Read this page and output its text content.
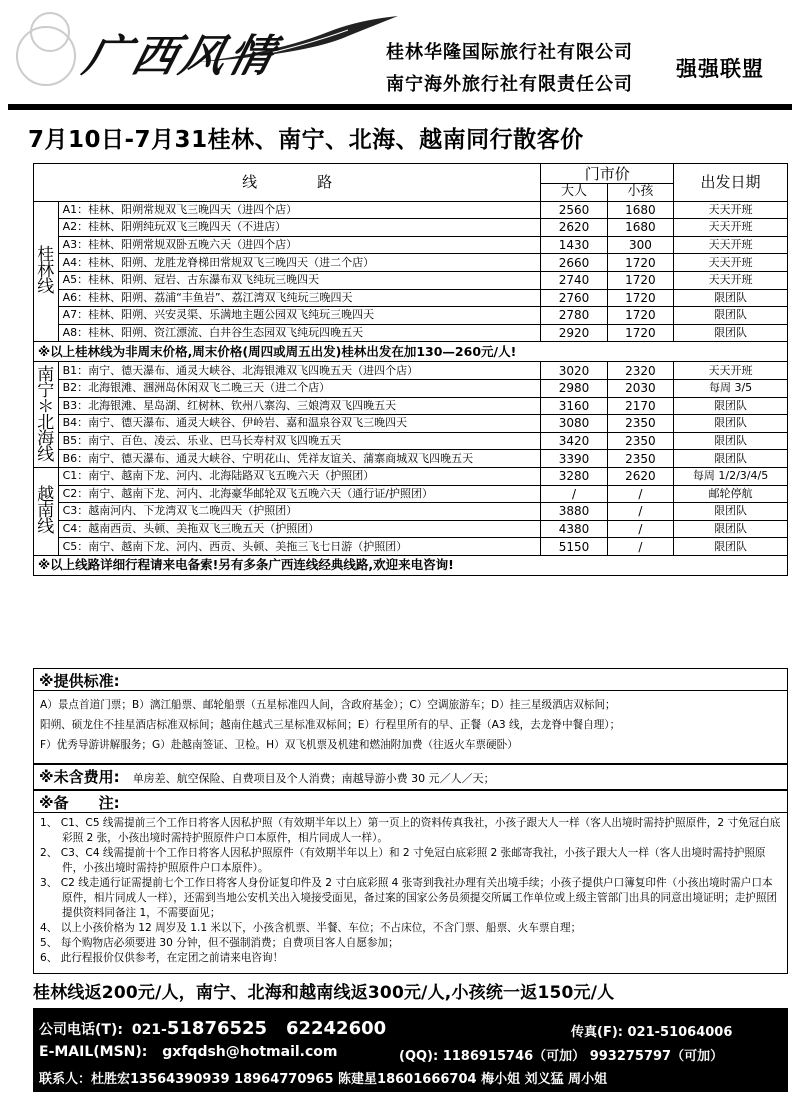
广西风情	桂林华隆国际旅行社有限公司
南宁海外旅行社有限责任公司
强强联盟
7月10日-7月31桂林、南宁、北海、越南同行散客价
线　　　　路		门市价		出发日期
		大人	小孩	
桂林线	A1：桂林、阳朔常规双飞三晚四天（进四个店）	2560	1680	天天开班
	A2：桂林、阳朔纯玩双飞三晚四天（不进店）	2620	1680	天天开班
	A3：桂林、阳朔常规双卧五晚六天（进四个店）	1430	300	天天开班
	A4：桂林、阳朔、龙胜龙脊梯田常规双飞三晚四天（进二个店）	2660	1720	天天开班
	A5：桂林、阳朔、冠岩、古东瀑布双飞纯玩三晚四天	2740	1720	天天开班
	A6：桂林、阳朔、荔浦“丰鱼岩”、荔江湾双飞纯玩三晚四天	2760	1720	限团队
	A7：桂林、阳朔、兴安灵渠、乐满地主题公园双飞纯玩三晚四天	2780	1720	限团队
	A8：桂林、阳朔、资江漂流、白井谷生态园双飞纯玩四晚五天	2920	1720	限团队
※以上桂林线为非周末价格,周末价格(周四或周五出发)桂林出发在加130—260元/人!				
南宁＊北海线	B1：南宁、德天瀑布、通灵大峡谷、北海银滩双飞四晚五天（进四个店）	3020	2320	天天开班
	B2：北海银滩、涠洲岛休闲双飞二晚三天（进二个店）	2980	2030	每周 3/5
	B3：北海银滩、星岛湖、红树林、钦州八寨沟、三娘湾双飞四晚五天	3160	2170	限团队
	B4：南宁、德天瀑布、通灵大峡谷、伊岭岩、嘉和温泉谷双飞三晚四天	3080	2350	限团队
	B5：南宁、百色、凌云、乐业、巴马长寿村双飞四晚五天	3420	2350	限团队
	B6：南宁、德天瀑布、通灵大峡谷、宁明花山、凭祥友谊关、蒲寨商城双飞四晚五天	3390	2350	限团队
越南线	C1：南宁、越南下龙、河内、北海陆路双飞五晚六天（护照团）	3280	2620	每周 1/2/3/4/5
	C2：南宁、越南下龙、河内、北海豪华邮轮双飞五晚六天（通行证/护照团）	/	/	邮轮停航
	C3：越南河内、下龙湾双飞二晚四天（护照团）	3880	/	限团队
	C4：越南西贡、头顿、美拖双飞三晚五天（护照团）	4380	/	限团队
	C5：南宁、越南下龙、河内、西贡、头顿、美拖三飞七日游（护照团）	5150	/	限团队
※以上线路详细行程请来电备索!另有多条广西连线经典线路,欢迎来电咨询!				
※提供标准:
A）景点首道门票；B）漓江船票、邮轮船票（五星标准四人间，含政府基金）；C）空调旅游车；D）挂三星级酒店双标间；
阳朔、硕龙住不挂星酒店标准双标间；越南住越式三星标准双标间；E）行程里所有的早、正餐（A3 线，去龙脊中餐自理）；
F）优秀导游讲解服务；G）赴越南签证、卫检。H）双飞机票及机建和燃油附加费（往返火车票硬卧）
※未含费用: 单房差、航空保险、自费项目及个人消费；南越导游小费 30 元／人／天；
※备　　注:
1、 C1、C5 线需提前三个工作日将客人因私护照（有效期半年以上）第一页上的资料传真我社，小孩子跟大人一样（客人出境时需持护照原件，2 寸免冠白底彩照 2 张，小孩出境时需持护照原件户口本原件，相片同成人一样）。
2、 C3、C4 线需提前十个工作日将客人因私护照原件（有效期半年以上）和 2 寸免冠白底彩照 2 张邮寄我社，小孩子跟大人一样（客人出境时需持护照原件，小孩出境时需持护照原件户口本原件）。
3、 C2 线走通行证需提前七个工作日将客人身份证复印件及 2 寸白底彩照 4 张寄到我社办理有关出境手续；小孩子提供户口簿复印件（小孩出境时需户口本原件，相片同成人一样），还需到当地公安机关出入境接受面见，备过案的国家公务员须提交所属工作单位或上级主管部门出具的同意出境证明；走护照团提供资料同备注 1，不需要面见；
4、 以上小孩价格为 12 周岁及 1.1 米以下，小孩含机票、半餐、车位；不占床位，不含门票、船票、火车票自理；
5、 每个购物店必须要进 30 分钟，但不强制消费；自费项目客人自愿参加；
6、 此行程报价仅供参考，在定团之前请来电咨询！
桂林线返200元/人，南宁、北海和越南线返300元/人,小孩统一返150元/人
公司电话(T): 021-51876525 62242600	传真(F): 021-51064006
E-MAIL(MSN): gxfqdsh@hotmail.com	(QQ): 1186915746（可加） 993275797（可加）
联系人：杜胜宏13564390939 18964770965 陈建星18601666704 梅小姐 刘义猛 周小姐
